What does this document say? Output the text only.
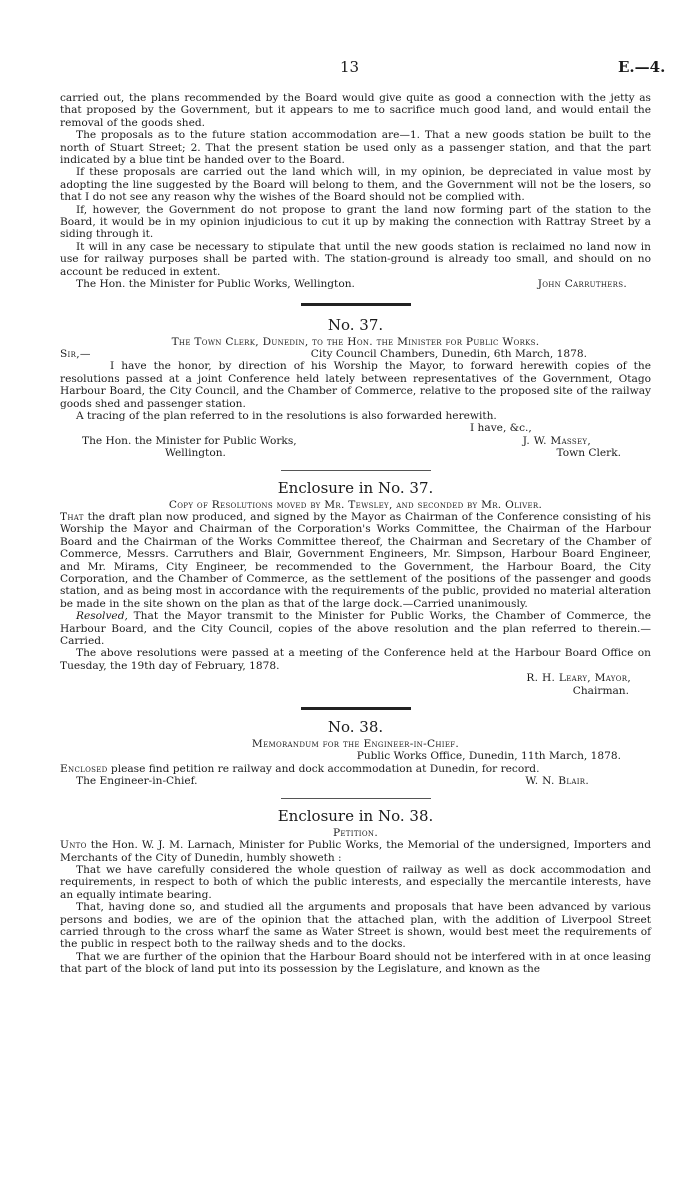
13	E.—4.

carried out, the plans recommended by the Board would give quite as good a connection with the jetty as that proposed by the Government, but it appears to me to sacrifice much good land, and would entail the removal of the goods shed.

The proposals as to the future station accommodation are—1. That a new goods station be built to the north of Stuart Street; 2. That the present station be used only as a passenger station, and that the part indicated by a blue tint be handed over to the Board.

If these proposals are carried out the land which will, in my opinion, be depreciated in value most by adopting the line suggested by the Board will belong to them, and the Government will not be the losers, so that I do not see any reason why the wishes of the Board should not be complied with.

If, however, the Government do not propose to grant the land now forming part of the station to the Board, it would be in my opinion injudicious to cut it up by making the connection with Rattray Street by a siding through it.

It will in any case be necessary to stipulate that until the new goods station is reclaimed no land now in use for railway purposes shall be parted with. The station-ground is already too small, and should on no account be reduced in extent.

The Hon. the Minister for Public Works, Wellington.	John Carruthers.

No. 37.

The Town Clerk, Dunedin, to the Hon. the Minister for Public Works.

Sir,—	City Council Chambers, Dunedin, 6th March, 1878.

I have the honor, by direction of his Worship the Mayor, to forward herewith copies of the resolutions passed at a joint Conference held lately between representatives of the Government, Otago Harbour Board, the City Council, and the Chamber of Commerce, relative to the proposed site of the railway goods shed and passenger station.

A tracing of the plan referred to in the resolutions is also forwarded herewith.

I have, &c.,

The Hon. the Minister for Public Works,	J. W. Massey,
Wellington.	Town Clerk.

Enclosure in No. 37.

Copy of Resolutions moved by Mr. Tewsley, and seconded by Mr. Oliver.

That the draft plan now produced, and signed by the Mayor as Chairman of the Conference consisting of his Worship the Mayor and Chairman of the Corporation's Works Committee, the Chairman of the Harbour Board and the Chairman of the Works Committee thereof, the Chairman and Secretary of the Chamber of Commerce, Messrs. Carruthers and Blair, Government Engineers, Mr. Simpson, Harbour Board Engineer, and Mr. Mirams, City Engineer, be recommended to the Government, the Harbour Board, the City Corporation, and the Chamber of Commerce, as the settlement of the positions of the passenger and goods station, and as being most in accordance with the requirements of the public, provided no material alteration be made in the site shown on the plan as that of the large dock.—Carried unanimously.

Resolved, That the Mayor transmit to the Minister for Public Works, the Chamber of Commerce, the Harbour Board, and the City Council, copies of the above resolution and the plan referred to therein.—Carried.

The above resolutions were passed at a meeting of the Conference held at the Harbour Board Office on Tuesday, the 19th day of February, 1878.

R. H. Leary, Mayor,

Chairman.

No. 38.

Memorandum for the Engineer-in-Chief.

Public Works Office, Dunedin, 11th March, 1878.

Enclosed please find petition re railway and dock accommodation at Dunedin, for record.

The Engineer-in-Chief.	W. N. Blair.

Enclosure in No. 38.

Petition.

Unto the Hon. W. J. M. Larnach, Minister for Public Works, the Memorial of the undersigned, Importers and Merchants of the City of Dunedin, humbly showeth :

That we have carefully considered the whole question of railway as well as dock accommodation and requirements, in respect to both of which the public interests, and especially the mercantile interests, have an equally intimate bearing.

That, having done so, and studied all the arguments and proposals that have been advanced by various persons and bodies, we are of the opinion that the attached plan, with the addition of Liverpool Street carried through to the cross wharf the same as Water Street is shown, would best meet the requirements of the public in respect both to the railway sheds and to the docks.

That we are further of the opinion that the Harbour Board should not be interfered with in at once leasing that part of the block of land put into its possession by the Legislature, and known as the
